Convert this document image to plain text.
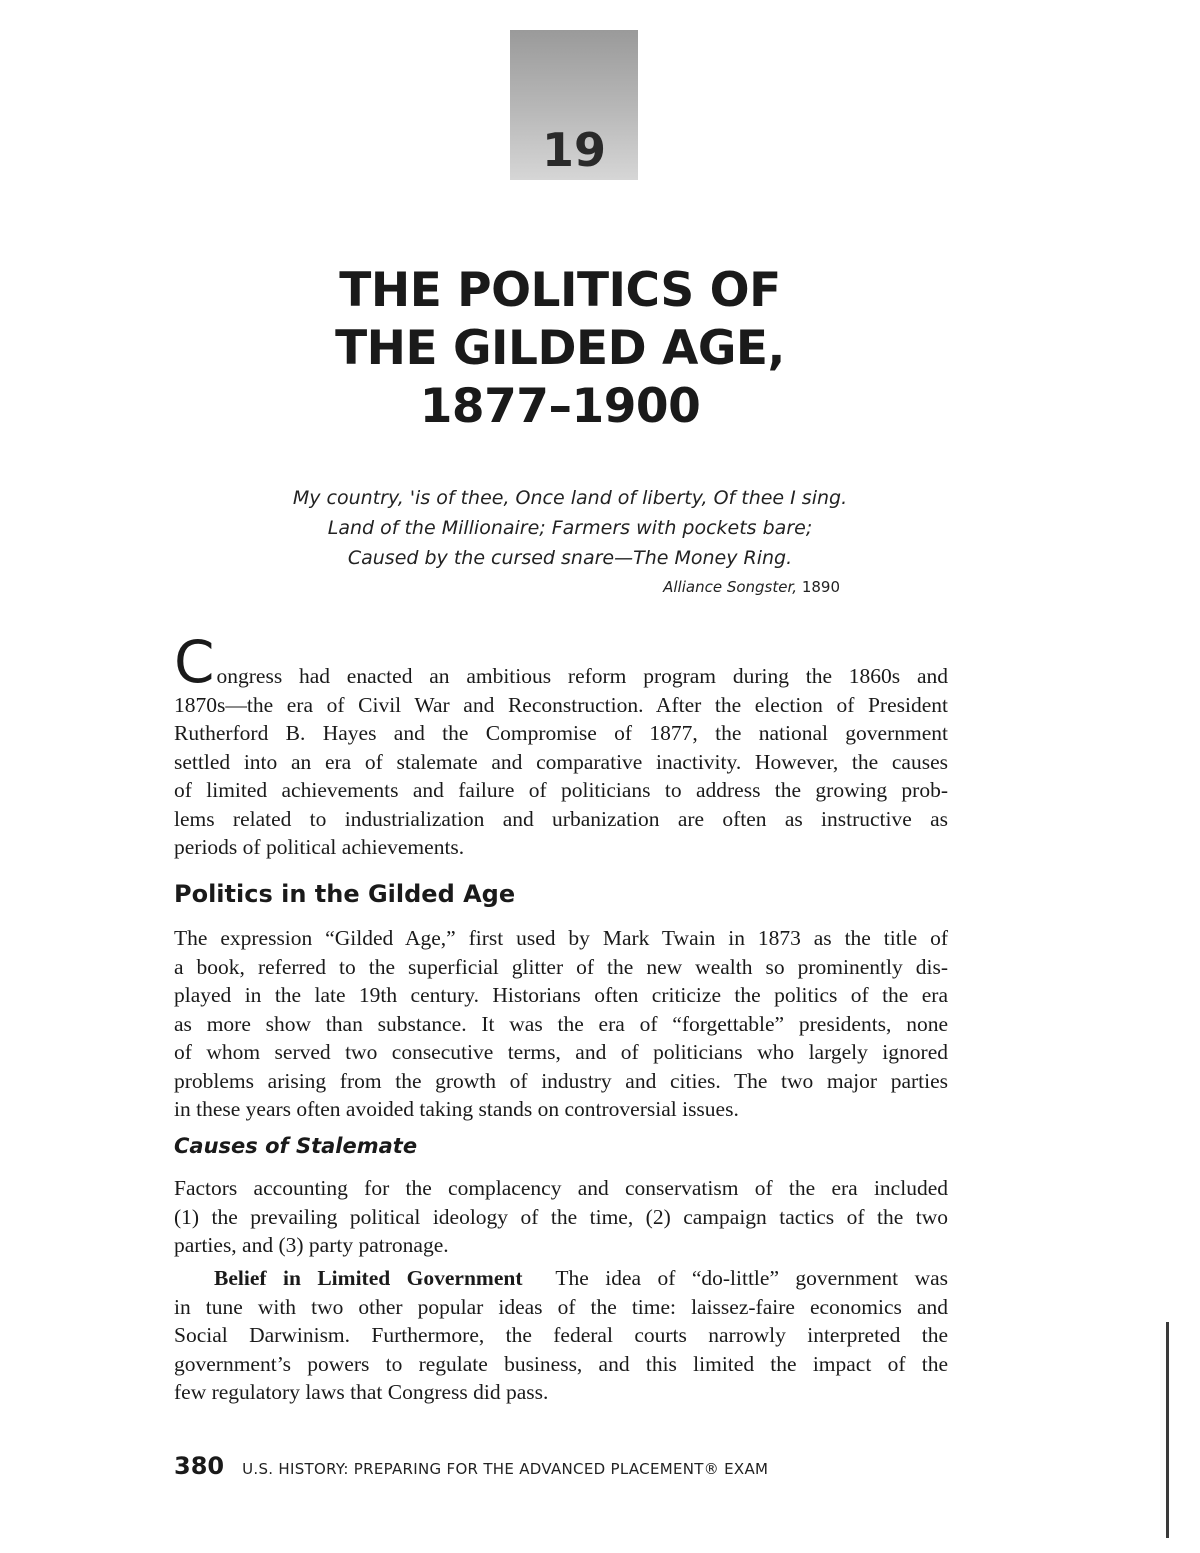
19
THE POLITICS OF
THE GILDED AGE,
1877–1900
My country, 'is of thee, Once land of liberty, Of thee I sing.
Land of the Millionaire; Farmers with pockets bare;
Caused by the cursed snare—The Money Ring.
Alliance Songster, 1890
C ongress had enacted an ambitious reform program during the 1860s and
1870s—the era of Civil War and Reconstruction. After the election of President
Rutherford B. Hayes and the Compromise of 1877, the national government
settled into an era of stalemate and comparative inactivity. However, the causes
of limited achievements and failure of politicians to address the growing prob-
lems related to industrialization and urbanization are often as instructive as
periods of political achievements.
Politics in the Gilded Age
The expression “Gilded Age,” first used by Mark Twain in 1873 as the title of
a book, referred to the superficial glitter of the new wealth so prominently dis-
played in the late 19th century. Historians often criticize the politics of the era
as more show than substance. It was the era of “forgettable” presidents, none
of whom served two consecutive terms, and of politicians who largely ignored
problems arising from the growth of industry and cities. The two major parties
in these years often avoided taking stands on controversial issues.
Causes of Stalemate
Factors accounting for the complacency and conservatism of the era included
(1) the prevailing political ideology of the time, (2) campaign tactics of the two
parties, and (3) party patronage.
Belief in Limited Government The idea of “do-little” government was
in tune with two other popular ideas of the time: laissez-faire economics and
Social Darwinism. Furthermore, the federal courts narrowly interpreted the
government’s powers to regulate business, and this limited the impact of the
few regulatory laws that Congress did pass.
380 U.S. HISTORY: PREPARING FOR THE ADVANCED PLACEMENT® EXAM
